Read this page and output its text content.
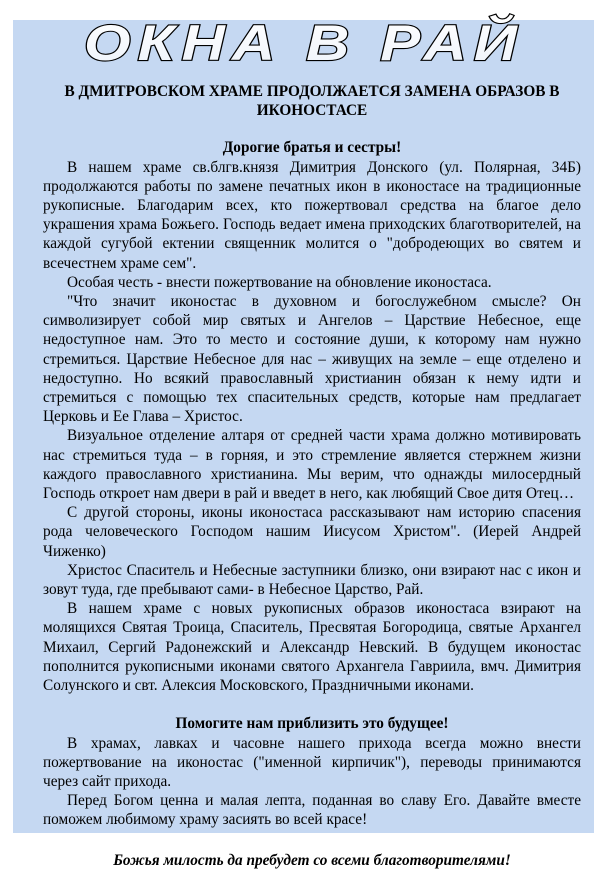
ОКНА В РАЙ
В ДМИТРОВСКОМ ХРАМЕ ПРОДОЛЖАЕТСЯ ЗАМЕНА ОБРАЗОВ В ИКОНОСТАСЕ

Дорогие братья и сестры!

В нашем храме св.блгв.князя Димитрия Донского (ул. Полярная, 34Б) продолжаются работы по замене печатных икон в иконостасе на традиционные рукописные. Благодарим всех, кто пожертвовал средства на благое дело украшения храма Божьего. Господь ведает имена приходских благотворителей, на каждой сугубой ектении священник молится о "добродеющих во святем и всечестнем храме сем".

Особая честь - внести пожертвование на обновление иконостаса.

"Что значит иконостас в духовном и богослужебном смысле? Он символизирует собой мир святых и Ангелов – Царствие Небесное, еще недоступное нам. Это то место и состояние души, к которому нам нужно стремиться. Царствие Небесное для нас – живущих на земле – еще отделено и недоступно. Но всякий православный христианин обязан к нему идти и стремиться с помощью тех спасительных средств, которые нам предлагает Церковь и Ее Глава – Христос.

Визуальное отделение алтаря от средней части храма должно мотивировать нас стремиться туда – в горняя, и это стремление является стержнем жизни каждого православного христианина. Мы верим, что однажды милосердный Господь откроет нам двери в рай и введет в него, как любящий Свое дитя Отец…

С другой стороны, иконы иконостаса рассказывают нам историю спасения рода человеческого Господом нашим Иисусом Христом". (Иерей Андрей Чиженко)

Христос Спаситель и Небесные заступники близко, они взирают нас с икон и зовут туда, где пребывают сами- в Небесное Царство, Рай.

В нашем храме с новых рукописных образов иконостаса взирают на молящихся Святая Троица, Спаситель, Пресвятая Богородица, святые Архангел Михаил, Сергий Радонежский и Александр Невский. В будущем иконостас пополнится рукописными иконами святого Архангела Гавриила, вмч. Димитрия Солунского и свт. Алексия Московского, Праздничными иконами.

Помогите нам приблизить это будущее!

В храмах, лавках и часовне нашего прихода всегда можно внести пожертвование на иконостас ("именной кирпичик"), переводы принимаются через сайт прихода.

Перед Богом ценна и малая лепта, поданная во славу Его. Давайте вместе поможем любимому храму засиять во всей красе!

Божья милость да пребудет со всеми благотворителями!
